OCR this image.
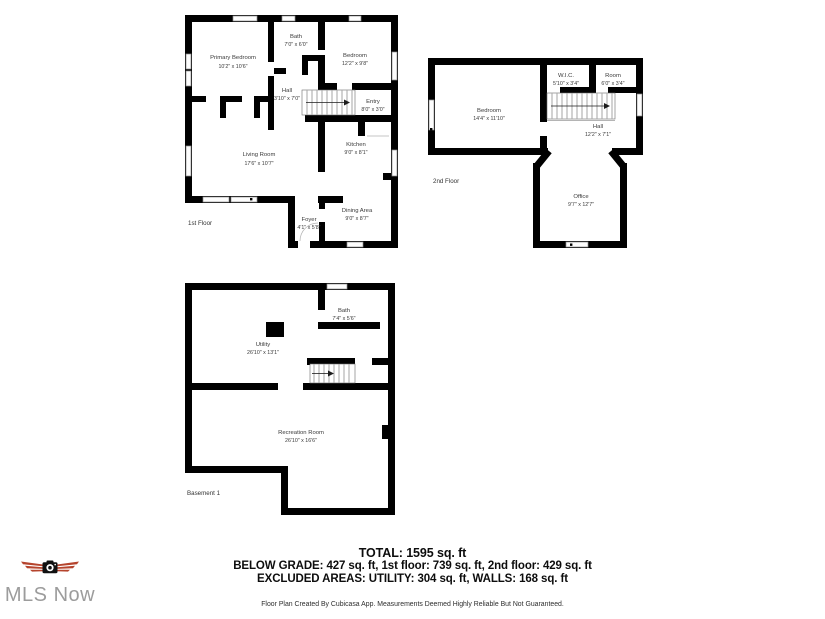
Primary Bedroom
10'2" x 10'6"
Bath
7'0" x 6'0"
Bedroom
12'2" x 9'8"
Hall
3'10" x 7'0"	Entry
8'0" x 3'0"
Living Room
17'6" x 10'7"
Kitchen
9'0" x 8'1"
Foyer
4'1" x 5'8"
Dining Area
9'0" x 8'7"
1st Floor
Bedroom
14'4" x 11'10"
W.I.C.
5'10" x 3'4"
Room
6'0" x 3'4"
Hall
12'2" x 7'1"
Office
9'7" x 12'7"
2nd Floor
Bath
7'4" x 5'6"
Utility
26'10" x 13'1"
Recreation Room
26'10" x 16'6"
Basement 1

TOTAL: 1595 sq. ft

BELOW GRADE: 427 sq. ft, 1st floor: 739 sq. ft, 2nd floor: 429 sq. ft

EXCLUDED AREAS: UTILITY: 304 sq. ft, WALLS: 168 sq. ft

Floor Plan Created By Cubicasa App. Measurements Deemed Highly Reliable But Not Guaranteed.
MLS Now
